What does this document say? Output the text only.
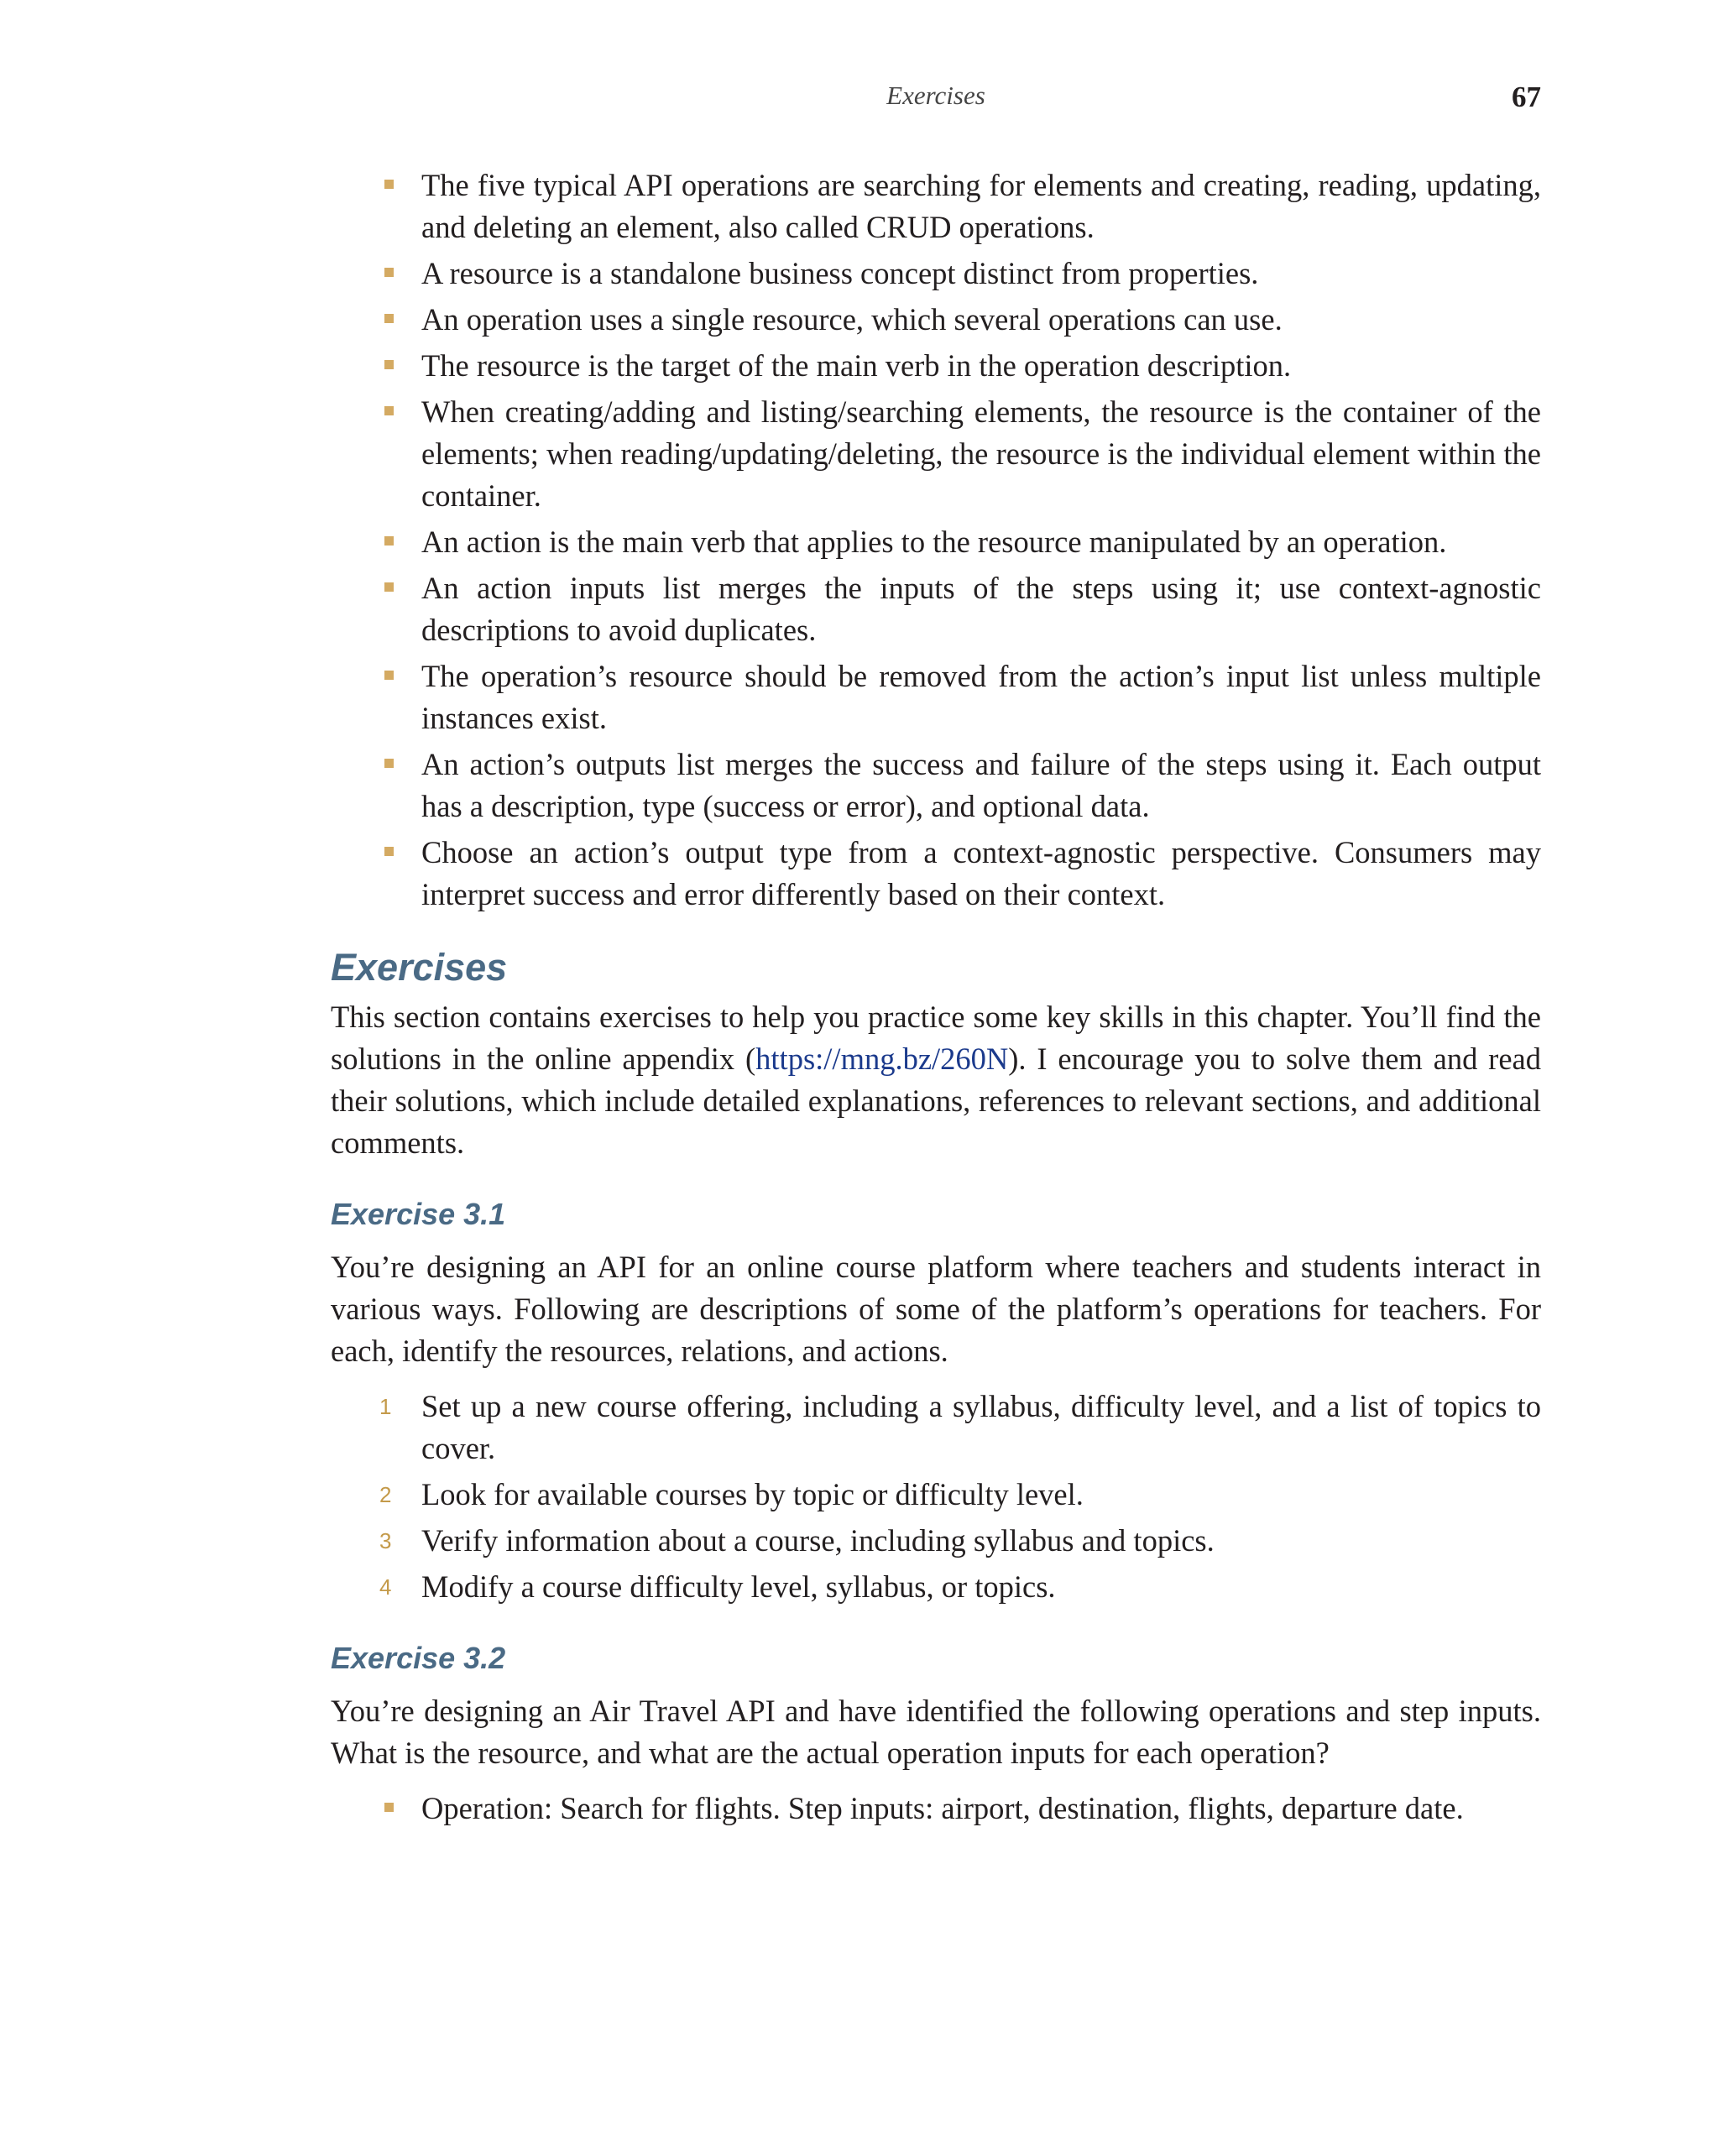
Exercises	67
The five typical API operations are searching for elements and creating, reading, updating, and deleting an element, also called CRUD operations.
A resource is a standalone business concept distinct from properties.
An operation uses a single resource, which several operations can use.
The resource is the target of the main verb in the operation description.
When creating/adding and listing/searching elements, the resource is the container of the elements; when reading/updating/deleting, the resource is the individual element within the container.
An action is the main verb that applies to the resource manipulated by an operation.
An action inputs list merges the inputs of the steps using it; use context-agnostic descriptions to avoid duplicates.
The operation’s resource should be removed from the action’s input list unless multiple instances exist.
An action’s outputs list merges the success and failure of the steps using it. Each output has a description, type (success or error), and optional data.
Choose an action’s output type from a context-agnostic perspective. Consumers may interpret success and error differently based on their context.
Exercises

This section contains exercises to help you practice some key skills in this chapter. You’ll find the solutions in the online appendix (https://mng.bz/260N). I encourage you to solve them and read their solutions, which include detailed explanations, references to relevant sections, and additional comments.

Exercise 3.1

You’re designing an API for an online course platform where teachers and students interact in various ways. Following are descriptions of some of the platform’s operations for teachers. For each, identify the resources, relations, and actions.

1 Set up a new course offering, including a syllabus, difficulty level, and a list of topics to cover.
2 Look for available courses by topic or difficulty level.
3 Verify information about a course, including syllabus and topics.
4 Modify a course difficulty level, syllabus, or topics.
Exercise 3.2

You’re designing an Air Travel API and have identified the following operations and step inputs. What is the resource, and what are the actual operation inputs for each operation?

Operation: Search for flights. Step inputs: airport, destination, flights, departure date.
